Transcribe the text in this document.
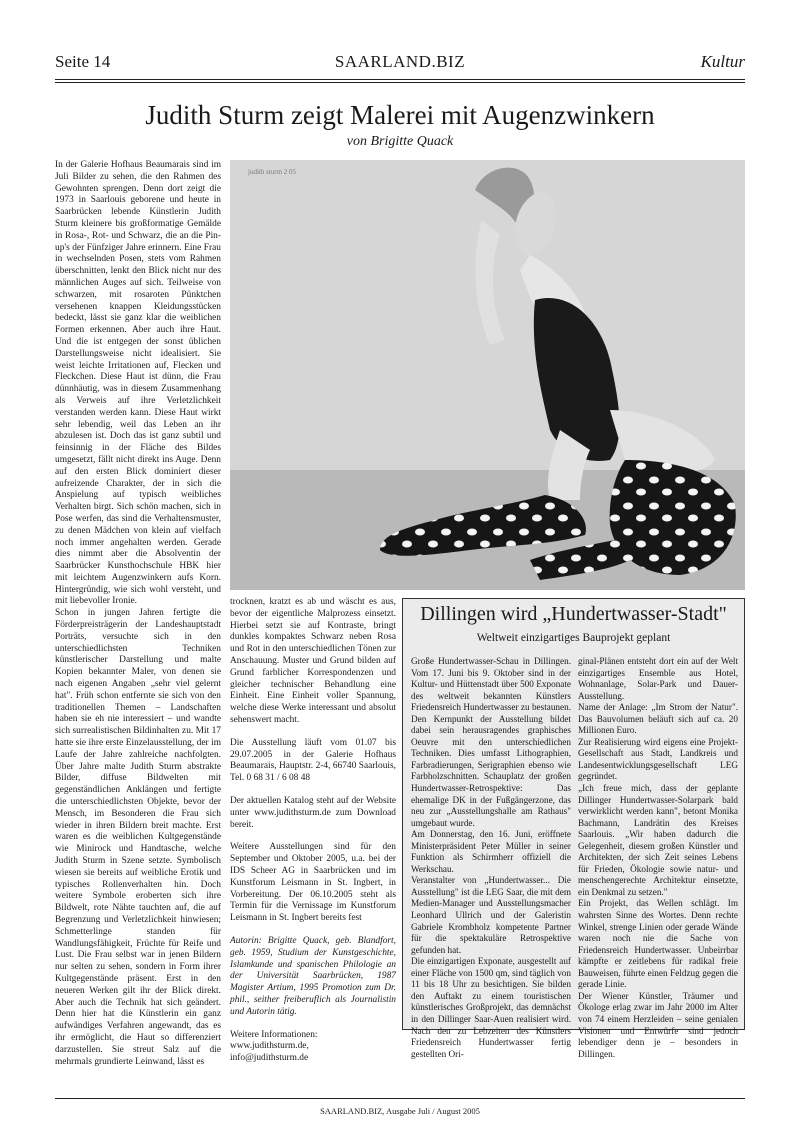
Seite 14	SAARLAND.BIZ	Kultur
Judith Sturm zeigt Malerei mit Augenzwinkern
von Brigitte Quack

In der Galerie Hofhaus Beaumarais sind im Juli Bilder zu sehen, die den Rahmen des Gewohnten sprengen. Denn dort zeigt die 1973 in Saarlouis geborene und heute in Saarbrücken lebende Künstlerin Judith Sturm kleinere bis großformatige Gemälde in Rosa-, Rot- und Schwarz, die an die Pin-up's der Fünfziger Jahre erinnern. Eine Frau in wechselnden Posen, stets vom Rahmen überschnitten, lenkt den Blick nicht nur des männlichen Auges auf sich. Teilweise von schwarzen, mit rosaroten Pünktchen versehenen knappen Kleidungsstücken bedeckt, lässt sie ganz klar die weiblichen Formen erkennen. Aber auch ihre Haut. Und die ist entgegen der sonst üblichen Darstellungsweise nicht idealisiert. Sie weist leichte Irritationen auf, Flecken und Fleckchen. Diese Haut ist dünn, die Frau dünnhäutig, was in diesem Zusammenhang als Verweis auf ihre Verletzlichkeit verstanden werden kann. Diese Haut wirkt sehr lebendig, weil das Leben an ihr abzulesen ist. Doch das ist ganz subtil und feinsinnig in der Fläche des Bildes umgesetzt, fällt nicht direkt ins Auge. Denn auf den ersten Blick dominiert dieser aufreizende Charakter, der in sich die Anspielung auf typisch weibliches Verhalten birgt. Sich schön machen, sich in Pose werfen, das sind die Verhaltensmuster, zu denen Mädchen von klein auf vielfach noch immer angehalten werden. Gerade dies nimmt aber die Absolventin der Saarbrücker Kunsthochschule HBK hier mit leichtem Augenzwinkern aufs Korn. Hintergründig, wie sich wohl versteht, und mit liebevoller Ironie.

Schon in jungen Jahren fertigte die Förderpreisträgerin der Landeshauptstadt Porträts, versuchte sich in den unterschiedlichsten Techniken künstlerischer Darstellung und malte Kopien bekannter Maler, von denen sie nach eigenen Angaben „sehr viel gelernt hat". Früh schon entfernte sie sich von den traditionellen Themen – Landschaften haben sie eh nie interessiert – und wandte sich surrealistischen Bildinhalten zu. Mit 17 hatte sie ihre erste Einzelausstellung, der im Laufe der Jahre zahlreiche nachfolgten. Über Jahre malte Judith Sturm abstrakte Bilder, diffuse Bildwelten mit gegenständlichen Anklängen und fertigte die unterschiedlichsten Objekte, bevor der Mensch, im Besonderen die Frau sich wieder in ihren Bildern breit machte. Erst waren es die weiblichen Kultgegenstände wie Minirock und Handtasche, welche Judith Sturm in Szene setzte. Symbolisch wiesen sie bereits auf weibliche Erotik und typisches Rollenverhalten hin. Doch weitere Symbole eroberten sich ihre Bildwelt, rote Nähte tauchten auf, die auf Begrenzung und Verletzlichkeit hinwiesen; Schmetterlinge standen für Wandlungsfähigkeit, Früchte für Reife und Lust. Die Frau selbst war in jenen Bildern nur selten zu sehen, sondern in Form ihrer Kultgegenstände präsent. Erst in den neueren Werken gilt ihr der Blick direkt. Aber auch die Technik hat sich geändert. Denn hier hat die Künstlerin ein ganz aufwändiges Verfahren angewandt, das es ihr ermöglicht, die Haut so differenziert darzustellen. Sie streut Salz auf die mehrmals grundierte Leinwand, lässt es

judith sturm 2 05

trocknen, kratzt es ab und wäscht es aus, bevor der eigentliche Malprozess einsetzt. Hierbei setzt sie auf Kontraste, bringt dunkles kompaktes Schwarz neben Rosa und Rot in den unterschiedlichen Tönen zur Anschauung. Muster und Grund bilden auf Grund farblicher Korrespondenzen und gleicher technischer Behandlung eine Einheit. Eine Einheit voller Spannung, welche diese Werke interessant und absolut sehenswert macht.

Die Ausstellung läuft vom 01.07 bis 29.07.2005 in der Galerie Hofhaus Beaumarais, Hauptstr. 2-4, 66740 Saarlouis, Tel. 0 68 31 / 6 08 48

Der aktuellen Katalog steht auf der Website unter www.judithsturm.de zum Download bereit.

Weitere Ausstellungen sind für den September und Oktober 2005, u.a. bei der IDS Scheer AG in Saarbrücken und im Kunstforum Leismann in St. Ingbert, in Vorbereitung. Der 06.10.2005 steht als Termin für die Vernissage im Kunstforum Leismann in St. Ingbert bereits fest

Autorin: Brigitte Quack, geb. Blandfort, geb. 1959, Studium der Kunstgeschichte, Islamkunde und spanischen Philologie an der Universität Saarbrücken, 1987 Magister Artium, 1995 Promotion zum Dr. phil., seither freiberuflich als Journalistin und Autorin tätig.

Weitere Informationen:
www.judithsturm.de,
info@judithsturm.de

Dillingen wird „Hundertwasser-Stadt"
Weltweit einzigartiges Bauprojekt geplant

Große Hundertwasser-Schau in Dillingen. Vom 17. Juni bis 9. Oktober sind in der Kultur- und Hüttenstadt über 500 Exponate des weltweit bekannten Künstlers Friedensreich Hundertwasser zu bestaunen. Den Kernpunkt der Ausstellung bildet dabei sein herausragendes graphisches Oeuvre mit den unterschiedlichen Techniken. Dies umfasst Lithographien, Farbradierungen, Serigraphien ebenso wie Farbholzschnitten. Schauplatz der großen Hundertwasser-Retrospektive: Das ehemalige DK in der Fußgängerzone, das neu zur „Ausstellungshalle am Rathaus" umgebaut wurde.

Am Donnerstag, den 16. Juni, eröffnete Ministerpräsident Peter Müller in seiner Funktion als Schirmherr offiziell die Werkschau.

Veranstalter von „Hundertwasser... Die Ausstellung" ist die LEG Saar, die mit dem Medien-Manager und Ausstellungsmacher Leonhard Ullrich und der Galeristin Gabriele Krombholz kompetente Partner für die spektakuläre Retrospektive gefunden hat.

Die einzigartigen Exponate, ausgestellt auf einer Fläche von 1500 qm, sind täglich von 11 bis 18 Uhr zu besichtigen. Sie bilden den Auftakt zu einem touristischen künstlerisches Großprojekt, das demnächst in den Dillinger Saar-Auen realisiert wird. Nach den zu Lebzeiten des Künstlers Friedensreich Hundertwasser fertig gestellten Ori-

ginal-Plänen entsteht dort ein auf der Welt einzigartiges Ensemble aus Hotel, Wohnanlage, Solar-Park und Dauer-Ausstellung.

Name der Anlage: „Im Strom der Natur". Das Bauvolumen beläuft sich auf ca. 20 Millionen Euro.

Zur Realisierung wird eigens eine Projekt-Gesellschaft aus Stadt, Landkreis und Landesentwicklungsgesellschaft LEG gegründet.

„Ich freue mich, dass der geplante Dillinger Hundertwasser-Solarpark bald verwirklicht werden kann", betont Monika Bachmann, Landrätin des Kreises Saarlouis. „Wir haben dadurch die Gelegenheit, diesem großen Künstler und Architekten, der sich Zeit seines Lebens für Frieden, Ökologie sowie natur- und menschengerechte Architektur einsetzte, ein Denkmal zu setzen."

Ein Projekt, das Wellen schlägt. Im wahrsten Sinne des Wortes. Denn rechte Winkel, strenge Linien oder gerade Wände waren noch nie die Sache von Friedensreich Hundertwasser. Unbeirrbar kämpfte er zeitlebens für radikal freie Bauweisen, führte einen Feldzug gegen die gerade Linie.

Der Wiener Künstler, Träumer und Ökologe erlag zwar im Jahr 2000 im Alter von 74 einem Herzleiden – seine genialen Visionen und Entwürfe sind jedoch lebendiger denn je – besonders in Dillingen.

SAARLAND.BIZ, Ausgabe Juli / August 2005
